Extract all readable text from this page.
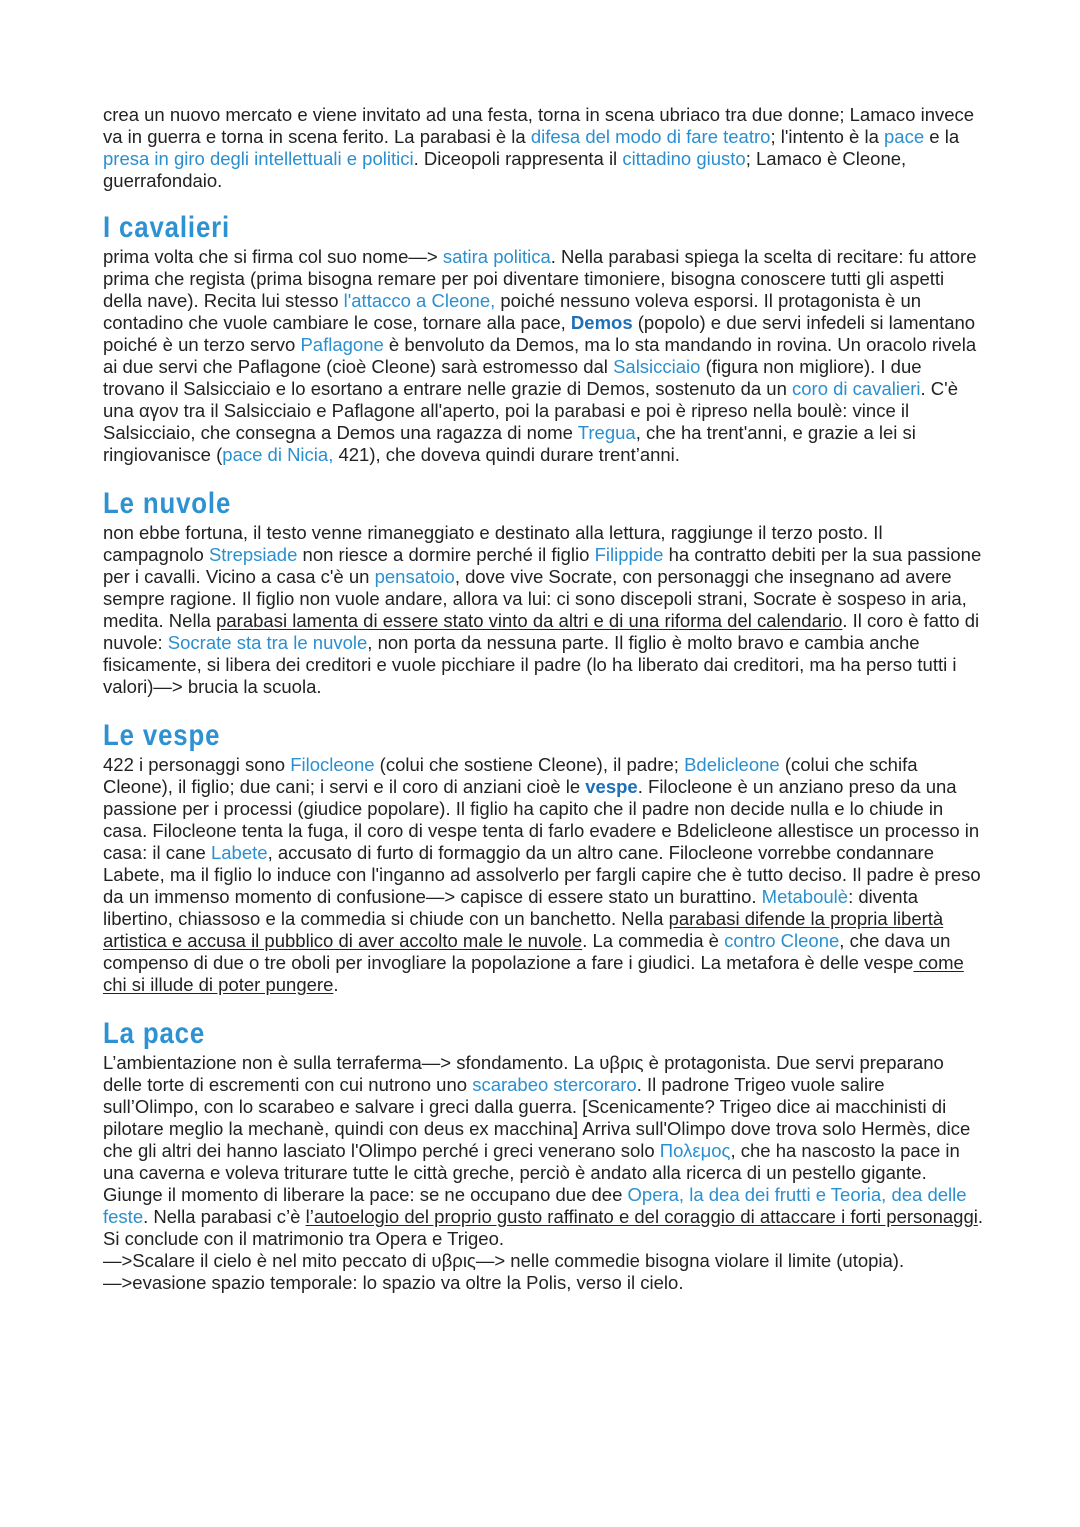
crea un nuovo mercato e viene invitato ad una festa, torna in scena ubriaco tra due donne; Lamaco invece va in guerra e torna in scena ferito. La parabasi è la difesa del modo di fare teatro; l'intento è la pace e la presa in giro degli intellettuali e politici. Diceopoli rappresenta il cittadino giusto; Lamaco è Cleone, guerrafondaio.

I cavalieri

prima volta che si firma col suo nome—> satira politica. Nella parabasi spiega la scelta di recitare: fu attore prima che regista (prima bisogna remare per poi diventare timoniere, bisogna conoscere tutti gli aspetti della nave). Recita lui stesso l'attacco a Cleone, poiché nessuno voleva esporsi. Il protagonista è un contadino che vuole cambiare le cose, tornare alla pace, Demos (popolo) e due servi infedeli si lamentano poiché è un terzo servo Paflagone è benvoluto da Demos, ma lo sta mandando in rovina. Un oracolo rivela ai due servi che Paflagone (cioè Cleone) sarà estromesso dal Salsicciaio (figura non migliore). I due trovano il Salsicciaio e lo esortano a entrare nelle grazie di Demos, sostenuto da un coro di cavalieri. C'è una αγον tra il Salsicciaio e Paflagone all'aperto, poi la parabasi e poi è ripreso nella boulè: vince il Salsicciaio, che consegna a Demos una ragazza di nome Tregua, che ha trent'anni, e grazie a lei si ringiovanisce (pace di Nicia, 421), che doveva quindi durare trent’anni.

Le nuvole

non ebbe fortuna, il testo venne rimaneggiato e destinato alla lettura, raggiunge il terzo posto. Il campagnolo Strepsiade non riesce a dormire perché il figlio Filippide ha contratto debiti per la sua passione per i cavalli. Vicino a casa c'è un pensatoio, dove vive Socrate, con personaggi che insegnano ad avere sempre ragione. Il figlio non vuole andare, allora va lui: ci sono discepoli strani, Socrate è sospeso in aria, medita. Nella parabasi lamenta di essere stato vinto da altri e di una riforma del calendario. Il coro è fatto di nuvole: Socrate sta tra le nuvole, non porta da nessuna parte. Il figlio è molto bravo e cambia anche fisicamente, si libera dei creditori e vuole picchiare il padre (lo ha liberato dai creditori, ma ha perso tutti i valori)—> brucia la scuola.

Le vespe

422 i personaggi sono Filocleone (colui che sostiene Cleone), il padre; Bdelicleone (colui che schifa Cleone), il figlio; due cani; i servi e il coro di anziani cioè le vespe. Filocleone è un anziano preso da una passione per i processi (giudice popolare). Il figlio ha capito che il padre non decide nulla e lo chiude in casa. Filocleone tenta la fuga, il coro di vespe tenta di farlo evadere e Bdelicleone allestisce un processo in casa: il cane Labete, accusato di furto di formaggio da un altro cane. Filocleone vorrebbe condannare Labete, ma il figlio lo induce con l'inganno ad assolverlo per fargli capire che è tutto deciso. Il padre è preso da un immenso momento di confusione—> capisce di essere stato un burattino. Metaboulè: diventa libertino, chiassoso e la commedia si chiude con un banchetto. Nella parabasi difende la propria libertà artistica e accusa il pubblico di aver accolto male le nuvole. La commedia è contro Cleone, che dava un compenso di due o tre oboli per invogliare la popolazione a fare i giudici. La metafora è delle vespe come chi si illude di poter pungere.

La pace

L’ambientazione non è sulla terraferma—> sfondamento. La υβρις è protagonista. Due servi preparano delle torte di escrementi con cui nutrono uno scarabeo stercoraro. Il padrone Trigeo vuole salire sull’Olimpo, con lo scarabeo e salvare i greci dalla guerra. [Scenicamente? Trigeo dice ai macchinisti di pilotare meglio la mechanè, quindi con deus ex macchina] Arriva sull'Olimpo dove trova solo Hermès, dice che gli altri dei hanno lasciato l'Olimpo perché i greci venerano solo Πολεμος, che ha nascosto la pace in una caverna e voleva triturare tutte le città greche, perciò è andato alla ricerca di un pestello gigante. Giunge il momento di liberare la pace: se ne occupano due dee Opera, la dea dei frutti e Teoria, dea delle feste. Nella parabasi c’è l’autoelogio del proprio gusto raffinato e del coraggio di attaccare i forti personaggi. Si conclude con il matrimonio tra Opera e Trigeo.

—>Scalare il cielo è nel mito peccato di υβρις—> nelle commedie bisogna violare il limite (utopia).

—>evasione spazio temporale: lo spazio va oltre la Polis, verso il cielo.
